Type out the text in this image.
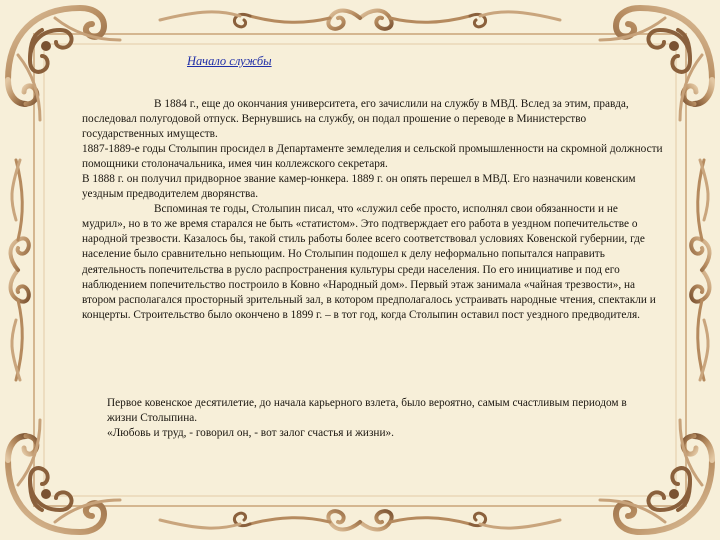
Начало службы

В 1884 г., еще до окончания университета, его зачислили на службу в МВД. Вслед за этим, правда, последовал полугодовой отпуск. Вернувшись на службу, он подал прошение о переводе в Министерство государственных имуществ.

1887-1889-е годы Столыпин просидел в Департаменте земледелия и сельской промышленности на скромной должности помощники столоначальника, имея чин коллежского секретаря.

В 1888 г. он получил придворное звание камер-юнкера. 1889 г. он опять перешел в МВД. Его назначили ковенским уездным предводителем дворянства.

Вспоминая те годы, Столыпин писал, что «служил себе просто, исполнял свои обязанности и не мудрил», но в то же время старался не быть «статистом». Это подтверждает его работа в уездном попечительстве о народной трезвости. Казалось бы, такой стиль работы более всего соответствовал условиях Ковенской губернии, где население было сравнительно непьющим. Но Столыпин подошел к делу неформально попытался направить деятельность попечительства в русло распространения культуры среди населения. По его инициативе и под его наблюдением попечительство построило в Ковно «Народный дом». Первый этаж занимала «чайная трезвости», на втором располагался просторный зрительный зал, в котором предполагалось устраивать народные чтения, спектакли и концерты. Строительство было окончено в 1899 г. – в тот год, когда Столыпин оставил пост уездного предводителя.

Первое ковенское десятилетие, до начала карьерного взлета, было вероятно, самым счастливым периодом в жизни Столыпина.

«Любовь и труд, - говорил он, - вот залог счастья и жизни».
